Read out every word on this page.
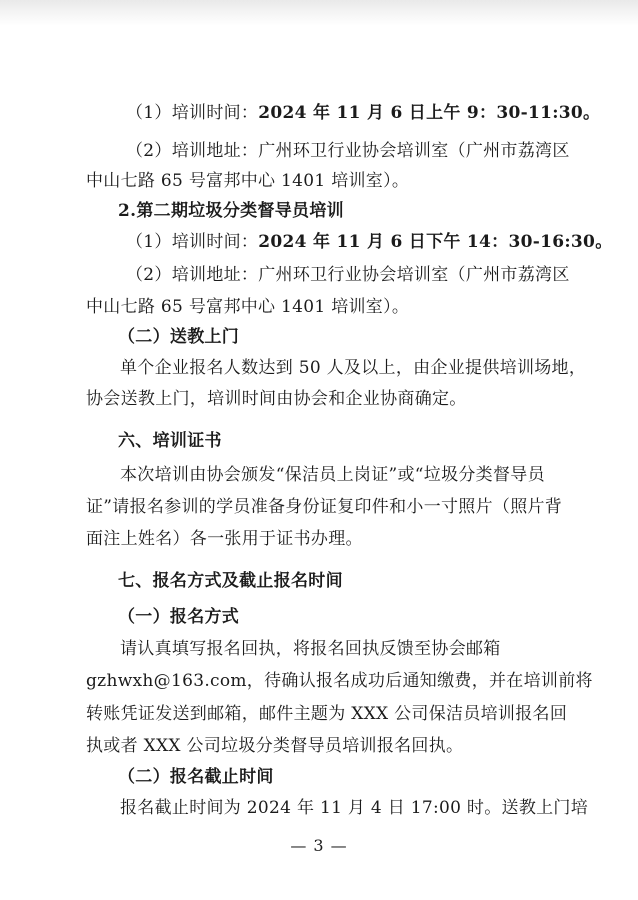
（1）培训时间：2024 年 11 月 6 日上午 9：30-11:30。
（2）培训地址：广州环卫行业协会培训室（广州市荔湾区
中山七路 65 号富邦中心 1401 培训室）。
2.第二期垃圾分类督导员培训
（1）培训时间：2024 年 11 月 6 日下午 14：30-16:30。
（2）培训地址：广州环卫行业协会培训室（广州市荔湾区
中山七路 65 号富邦中心 1401 培训室）。
（二）送教上门
单个企业报名人数达到 50 人及以上，由企业提供培训场地，
协会送教上门，培训时间由协会和企业协商确定。
六、培训证书
本次培训由协会颁发“保洁员上岗证”或“垃圾分类督导员
证”请报名参训的学员准备身份证复印件和小一寸照片（照片背
面注上姓名）各一张用于证书办理。
七、报名方式及截止报名时间
（一）报名方式
请认真填写报名回执，将报名回执反馈至协会邮箱
gzhwxh@163.com，待确认报名成功后通知缴费，并在培训前将
转账凭证发送到邮箱，邮件主题为 XXX 公司保洁员培训报名回
执或者 XXX 公司垃圾分类督导员培训报名回执。
（二）报名截止时间
报名截止时间为 2024 年 11 月 4 日 17:00 时。送教上门培
— 3 —
